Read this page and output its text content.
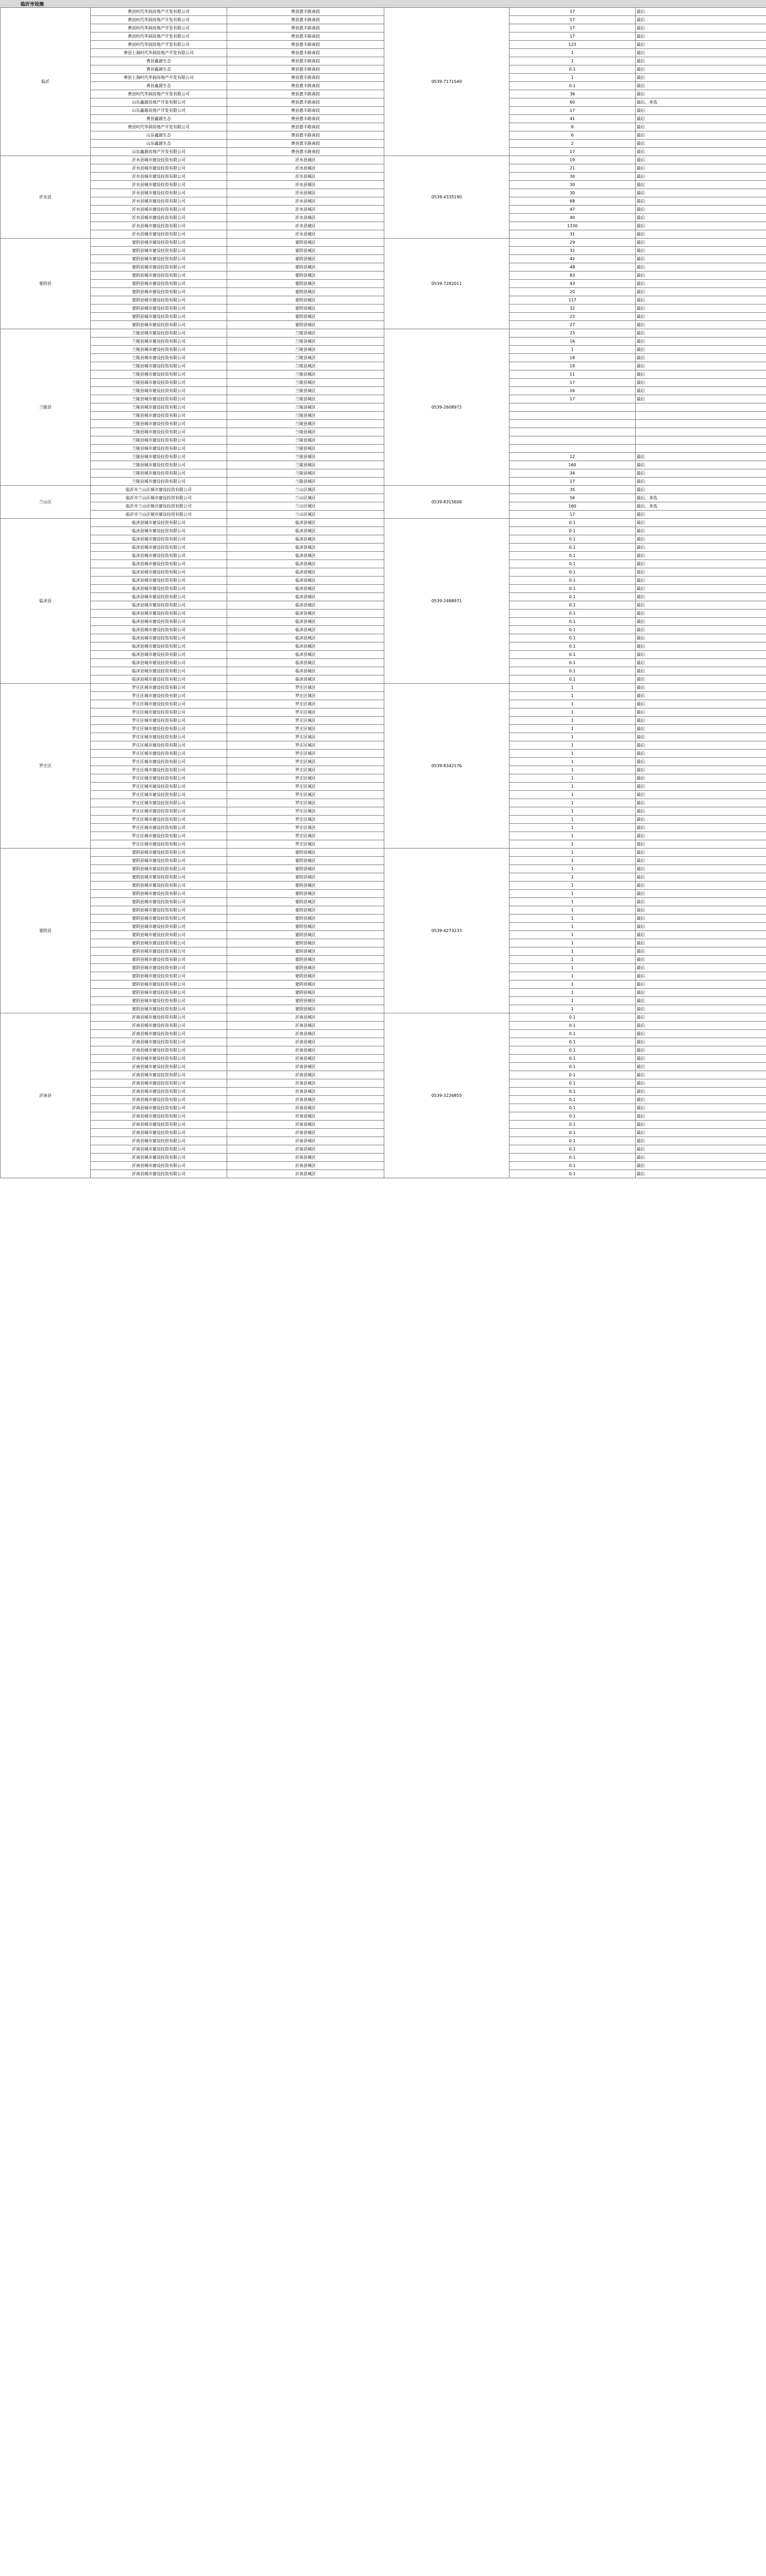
临沂市设施
临沂	费县时代华润房地产开发有限公司	费县惠丰路南段	0539-7171549	17	最后
	费县时代华润房地产开发有限公司	费县惠丰路南段		17	最后
	费县时代华润房地产开发有限公司	费县惠丰路南段		17	最后
	费县时代华润房地产开发有限公司	费县惠丰路南段		17	最后
	费县时代华润房地产开发有限公司	费县惠丰路南段		123	最后
	费县上海时代华润房地产开发有限公司	费县惠丰路南段		1	最后
	费县鑫源生态	费县惠丰路南段		1	最后
	费县鑫源生态	费县惠丰路南段		0.1	最后
	费县上海时代华润房地产开发有限公司	费县惠丰路南段		1	最后
	费县鑫源生态	费县惠丰路南段		0.1	最后
	费县时代华润房地产开发有限公司	费县惠丰路南段		36	最后
	山东鑫源房地产开发有限公司	费县惠丰路南段		60	最后、多选
	山东鑫源房地产开发有限公司	费县惠丰路南段		17	最后
	费县鑫源生态	费县惠丰路南段		41	最后
	费县时代华润房地产开发有限公司	费县惠丰路南段		8	最后
	山东鑫源生态	费县惠丰路南段		6	最后
	山东鑫源生态	费县惠丰路南段		2	最后
	山东鑫源房地产开发有限公司	费县惠丰路南段		17	最后
沂水县	沂水县城市建设投资有限公司	沂水县城区	0539-4335190	19	最后
	沂水县城市建设投资有限公司	沂水县城区		21	最后
	沂水县城市建设投资有限公司	沂水县城区		30	最后
	沂水县城市建设投资有限公司	沂水县城区		30	最后
	沂水县城市建设投资有限公司	沂水县城区		30	最后
	沂水县城市建设投资有限公司	沂水县城区		68	最后
	沂水县城市建设投资有限公司	沂水县城区		47	最后
	沂水县城市建设投资有限公司	沂水县城区		40	最后
	沂水县城市建设投资有限公司	沂水县城区		1330	最后
	沂水县城市建设投资有限公司	沂水县城区		31	最后
蒙阴县	蒙阴县城市建设投资有限公司	蒙阴县城区	0539-7282011	29	最后
	蒙阴县城市建设投资有限公司	蒙阴县城区		32	最后
	蒙阴县城市建设投资有限公司	蒙阴县城区		42	最后
	蒙阴县城市建设投资有限公司	蒙阴县城区		48	最后
	蒙阴县城市建设投资有限公司	蒙阴县城区		83	最后
	蒙阴县城市建设投资有限公司	蒙阴县城区		43	最后
	蒙阴县城市建设投资有限公司	蒙阴县城区		20	最后
	蒙阴县城市建设投资有限公司	蒙阴县城区		117	最后
	蒙阴县城市建设投资有限公司	蒙阴县城区		32	最后
	蒙阴县城市建设投资有限公司	蒙阴县城区		23	最后
	蒙阴县城市建设投资有限公司	蒙阴县城区		27	最后
兰陵县	兰陵县城市建设投资有限公司	兰陵县城区	0539-2608972	23	最后
	兰陵县城市建设投资有限公司	兰陵县城区		16	最后
	兰陵县城市建设投资有限公司	兰陵县城区		1	最后
	兰陵县城市建设投资有限公司	兰陵县城区		18	最后
	兰陵县城市建设投资有限公司	兰陵县城区		19	最后
	兰陵县城市建设投资有限公司	兰陵县城区		11	最后
	兰陵县城市建设投资有限公司	兰陵县城区		17	最后
	兰陵县城市建设投资有限公司	兰陵县城区		16	最后
	兰陵县城市建设投资有限公司	兰陵县城区		17	最后
	兰陵县城市建设投资有限公司	兰陵县城区			
	兰陵县城市建设投资有限公司	兰陵县城区			
	兰陵县城市建设投资有限公司	兰陵县城区			
	兰陵县城市建设投资有限公司	兰陵县城区			
	兰陵县城市建设投资有限公司	兰陵县城区			
	兰陵县城市建设投资有限公司	兰陵县城区			
	兰陵县城市建设投资有限公司	兰陵县城区		12	最后
	兰陵县城市建设投资有限公司	兰陵县城区		160	最后
	兰陵县城市建设投资有限公司	兰陵县城区		34	最后
	兰陵县城市建设投资有限公司	兰陵县城区		17	最后
兰山区	临沂市兰山区城市建设投资有限公司	兰山区城区	0539-8315608	35	最后
	临沂市兰山区城市建设投资有限公司	兰山区城区		56	最后、多选
	临沂市兰山区城市建设投资有限公司	兰山区城区		160	最后、多选
	临沂市兰山区城市建设投资有限公司	兰山区城区		17	最后
临沭县	临沭县城市建设投资有限公司	临沭县城区	0539-2488971	0.1	最后
	临沭县城市建设投资有限公司	临沭县城区		0.1	最后
	临沭县城市建设投资有限公司	临沭县城区		0.1	最后
	临沭县城市建设投资有限公司	临沭县城区		0.1	最后
	临沭县城市建设投资有限公司	临沭县城区		0.1	最后
	临沭县城市建设投资有限公司	临沭县城区		0.1	最后
	临沭县城市建设投资有限公司	临沭县城区		0.1	最后
	临沭县城市建设投资有限公司	临沭县城区		0.1	最后
	临沭县城市建设投资有限公司	临沭县城区		0.1	最后
	临沭县城市建设投资有限公司	临沭县城区		0.1	最后
	临沭县城市建设投资有限公司	临沭县城区		0.1	最后
	临沭县城市建设投资有限公司	临沭县城区		0.1	最后
	临沭县城市建设投资有限公司	临沭县城区		0.1	最后
	临沭县城市建设投资有限公司	临沭县城区		0.1	最后
	临沭县城市建设投资有限公司	临沭县城区		0.1	最后
	临沭县城市建设投资有限公司	临沭县城区		0.1	最后
	临沭县城市建设投资有限公司	临沭县城区		0.1	最后
	临沭县城市建设投资有限公司	临沭县城区		0.1	最后
	临沭县城市建设投资有限公司	临沭县城区		0.1	最后
	临沭县城市建设投资有限公司	临沭县城区		0.1	最后
罗庄区	罗庄区城市建设投资有限公司	罗庄区城区	0539-8342176	1	最后
	罗庄区城市建设投资有限公司	罗庄区城区		1	最后
	罗庄区城市建设投资有限公司	罗庄区城区		1	最后
	罗庄区城市建设投资有限公司	罗庄区城区		1	最后
	罗庄区城市建设投资有限公司	罗庄区城区		1	最后
	罗庄区城市建设投资有限公司	罗庄区城区		1	最后
	罗庄区城市建设投资有限公司	罗庄区城区		1	最后
	罗庄区城市建设投资有限公司	罗庄区城区		1	最后
	罗庄区城市建设投资有限公司	罗庄区城区		1	最后
	罗庄区城市建设投资有限公司	罗庄区城区		1	最后
	罗庄区城市建设投资有限公司	罗庄区城区		1	最后
	罗庄区城市建设投资有限公司	罗庄区城区		1	最后
	罗庄区城市建设投资有限公司	罗庄区城区		1	最后
	罗庄区城市建设投资有限公司	罗庄区城区		1	最后
	罗庄区城市建设投资有限公司	罗庄区城区		1	最后
	罗庄区城市建设投资有限公司	罗庄区城区		1	最后
	罗庄区城市建设投资有限公司	罗庄区城区		1	最后
	罗庄区城市建设投资有限公司	罗庄区城区		1	最后
	罗庄区城市建设投资有限公司	罗庄区城区		1	最后
	罗庄区城市建设投资有限公司	罗庄区城区		1	最后
蒙阴县	蒙阴县城市建设投资有限公司	蒙阴县城区	0539-4273233	1	最后
	蒙阴县城市建设投资有限公司	蒙阴县城区		1	最后
	蒙阴县城市建设投资有限公司	蒙阴县城区		1	最后
	蒙阴县城市建设投资有限公司	蒙阴县城区		1	最后
	蒙阴县城市建设投资有限公司	蒙阴县城区		1	最后
	蒙阴县城市建设投资有限公司	蒙阴县城区		1	最后
	蒙阴县城市建设投资有限公司	蒙阴县城区		1	最后
	蒙阴县城市建设投资有限公司	蒙阴县城区		1	最后
	蒙阴县城市建设投资有限公司	蒙阴县城区		1	最后
	蒙阴县城市建设投资有限公司	蒙阴县城区		1	最后
	蒙阴县城市建设投资有限公司	蒙阴县城区		1	最后
	蒙阴县城市建设投资有限公司	蒙阴县城区		1	最后
	蒙阴县城市建设投资有限公司	蒙阴县城区		1	最后
	蒙阴县城市建设投资有限公司	蒙阴县城区		1	最后
	蒙阴县城市建设投资有限公司	蒙阴县城区		1	最后
	蒙阴县城市建设投资有限公司	蒙阴县城区		1	最后
	蒙阴县城市建设投资有限公司	蒙阴县城区		1	最后
	蒙阴县城市建设投资有限公司	蒙阴县城区		1	最后
	蒙阴县城市建设投资有限公司	蒙阴县城区		1	最后
	蒙阴县城市建设投资有限公司	蒙阴县城区		1	最后
沂南县	沂南县城市建设投资有限公司	沂南县城区	0539-3226855	0.1	最后
	沂南县城市建设投资有限公司	沂南县城区		0.1	最后
	沂南县城市建设投资有限公司	沂南县城区		0.1	最后
	沂南县城市建设投资有限公司	沂南县城区		0.1	最后
	沂南县城市建设投资有限公司	沂南县城区		0.1	最后
	沂南县城市建设投资有限公司	沂南县城区		0.1	最后
	沂南县城市建设投资有限公司	沂南县城区		0.1	最后
	沂南县城市建设投资有限公司	沂南县城区		0.1	最后
	沂南县城市建设投资有限公司	沂南县城区		0.1	最后
	沂南县城市建设投资有限公司	沂南县城区		0.1	最后
	沂南县城市建设投资有限公司	沂南县城区		0.1	最后
	沂南县城市建设投资有限公司	沂南县城区		0.1	最后
	沂南县城市建设投资有限公司	沂南县城区		0.1	最后
	沂南县城市建设投资有限公司	沂南县城区		0.1	最后
	沂南县城市建设投资有限公司	沂南县城区		0.1	最后
	沂南县城市建设投资有限公司	沂南县城区		0.1	最后
	沂南县城市建设投资有限公司	沂南县城区		0.1	最后
	沂南县城市建设投资有限公司	沂南县城区		0.1	最后
	沂南县城市建设投资有限公司	沂南县城区		0.1	最后
	沂南县城市建设投资有限公司	沂南县城区		0.1	最后
